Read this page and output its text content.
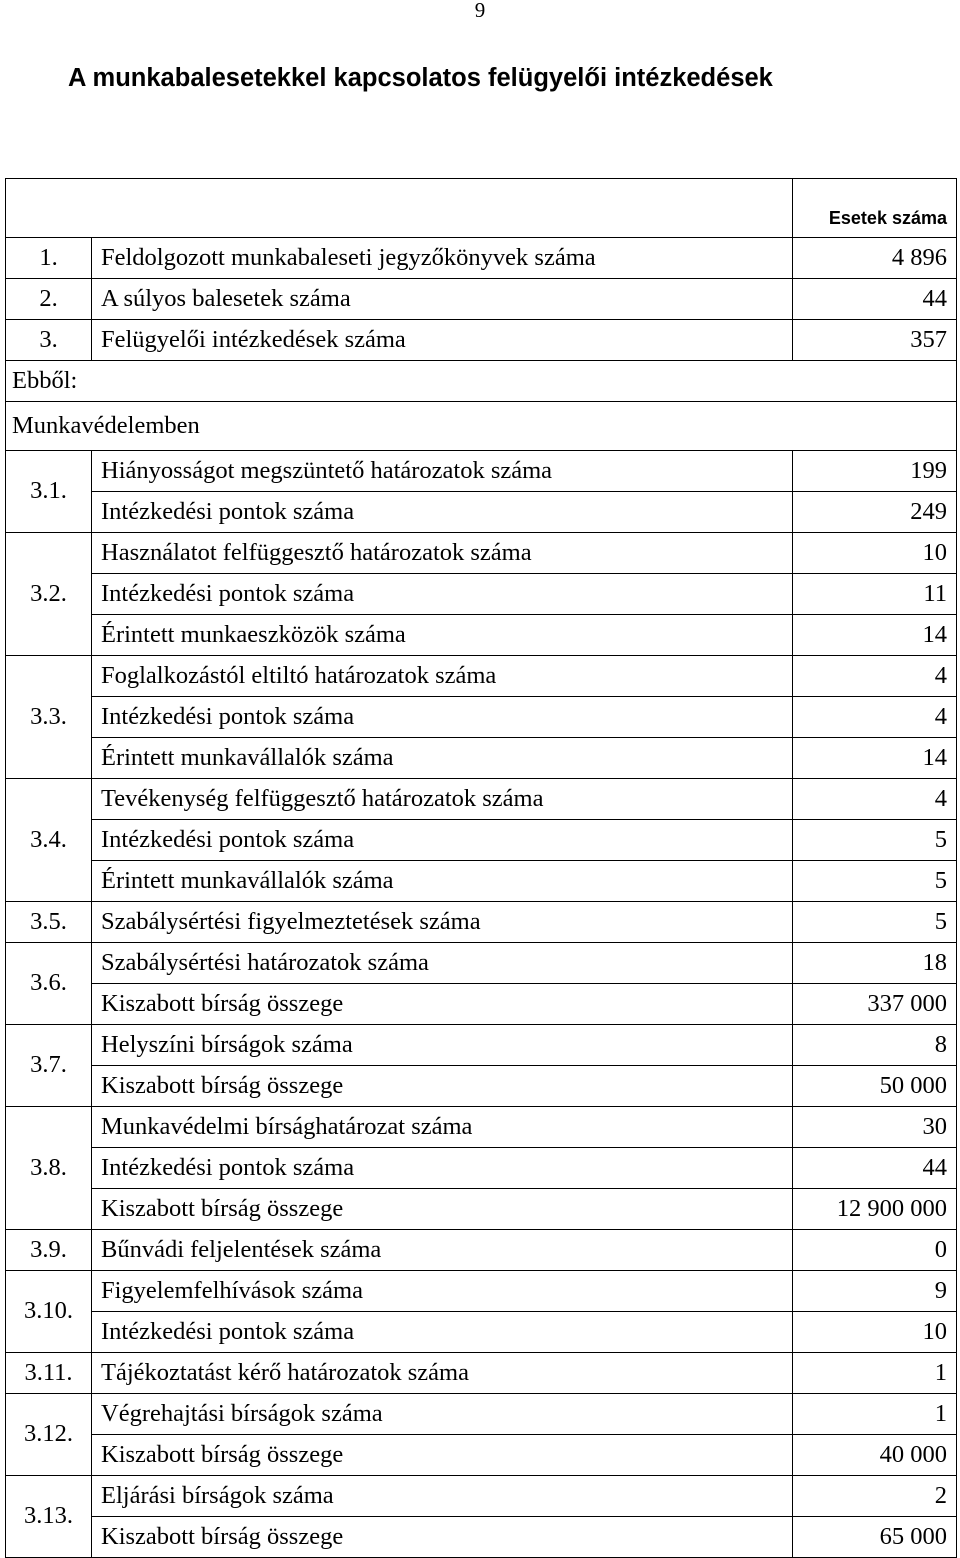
9
A munkabalesetekkel kapcsolatos felügyelői intézkedések
		Esetek száma
1.	Feldolgozott munkabaleseti jegyzőkönyvek száma	4 896
2.	A súlyos balesetek száma	44
3.	Felügyelői intézkedések száma	357
Ebből:		
Munkavédelemben		
3.1.	Hiányosságot megszüntető határozatok száma	199
	Intézkedési pontok száma	249
3.2.	Használatot felfüggesztő határozatok száma	10
	Intézkedési pontok száma	11
	Érintett munkaeszközök száma	14
3.3.	Foglalkozástól eltiltó határozatok száma	4
	Intézkedési pontok száma	4
	Érintett munkavállalók száma	14
3.4.	Tevékenység felfüggesztő határozatok száma	4
	Intézkedési pontok száma	5
	Érintett munkavállalók száma	5
3.5.	Szabálysértési figyelmeztetések száma	5
3.6.	Szabálysértési határozatok száma	18
	Kiszabott bírság összege	337 000
3.7.	Helyszíni bírságok száma	8
	Kiszabott bírság összege	50 000
3.8.	Munkavédelmi bírsághatározat száma	30
	Intézkedési pontok száma	44
	Kiszabott bírság összege	12 900 000
3.9.	Bűnvádi feljelentések száma	0
3.10.	Figyelemfelhívások száma	9
	Intézkedési pontok száma	10
3.11.	Tájékoztatást kérő határozatok száma	1
3.12.	Végrehajtási bírságok száma	1
	Kiszabott bírság összege	40 000
3.13.	Eljárási bírságok száma	2
	Kiszabott bírság összege	65 000
